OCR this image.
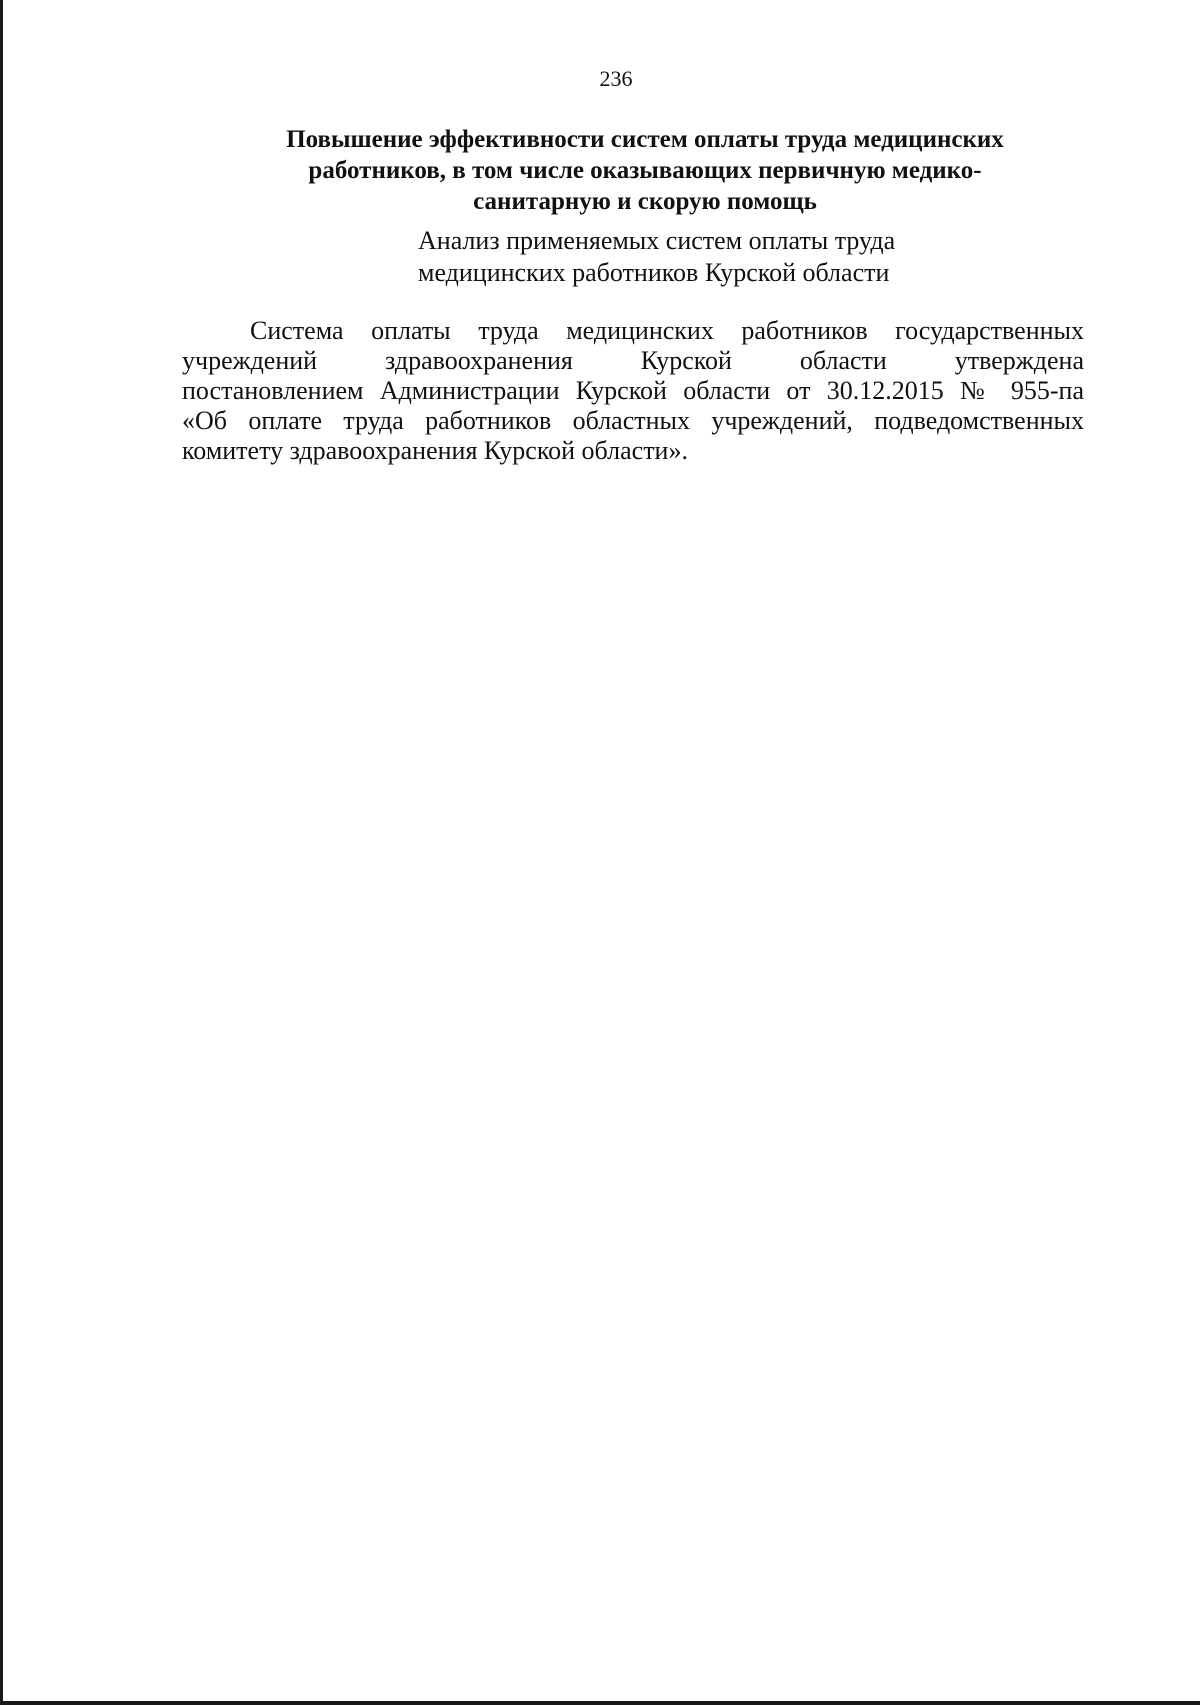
236
Повышение эффективности систем оплаты труда медицинских
работников, в том числе оказывающих первичную медико-
санитарную и скорую помощь
Анализ применяемых систем оплаты труда
медицинских работников Курской области
Система оплаты труда медицинских работников государственных
учреждений здравоохранения Курской области утверждена
постановлением Администрации Курской области от 30.12.2015 № 955-па
«Об оплате труда работников областных учреждений, подведомственных
комитету здравоохранения Курской области».
